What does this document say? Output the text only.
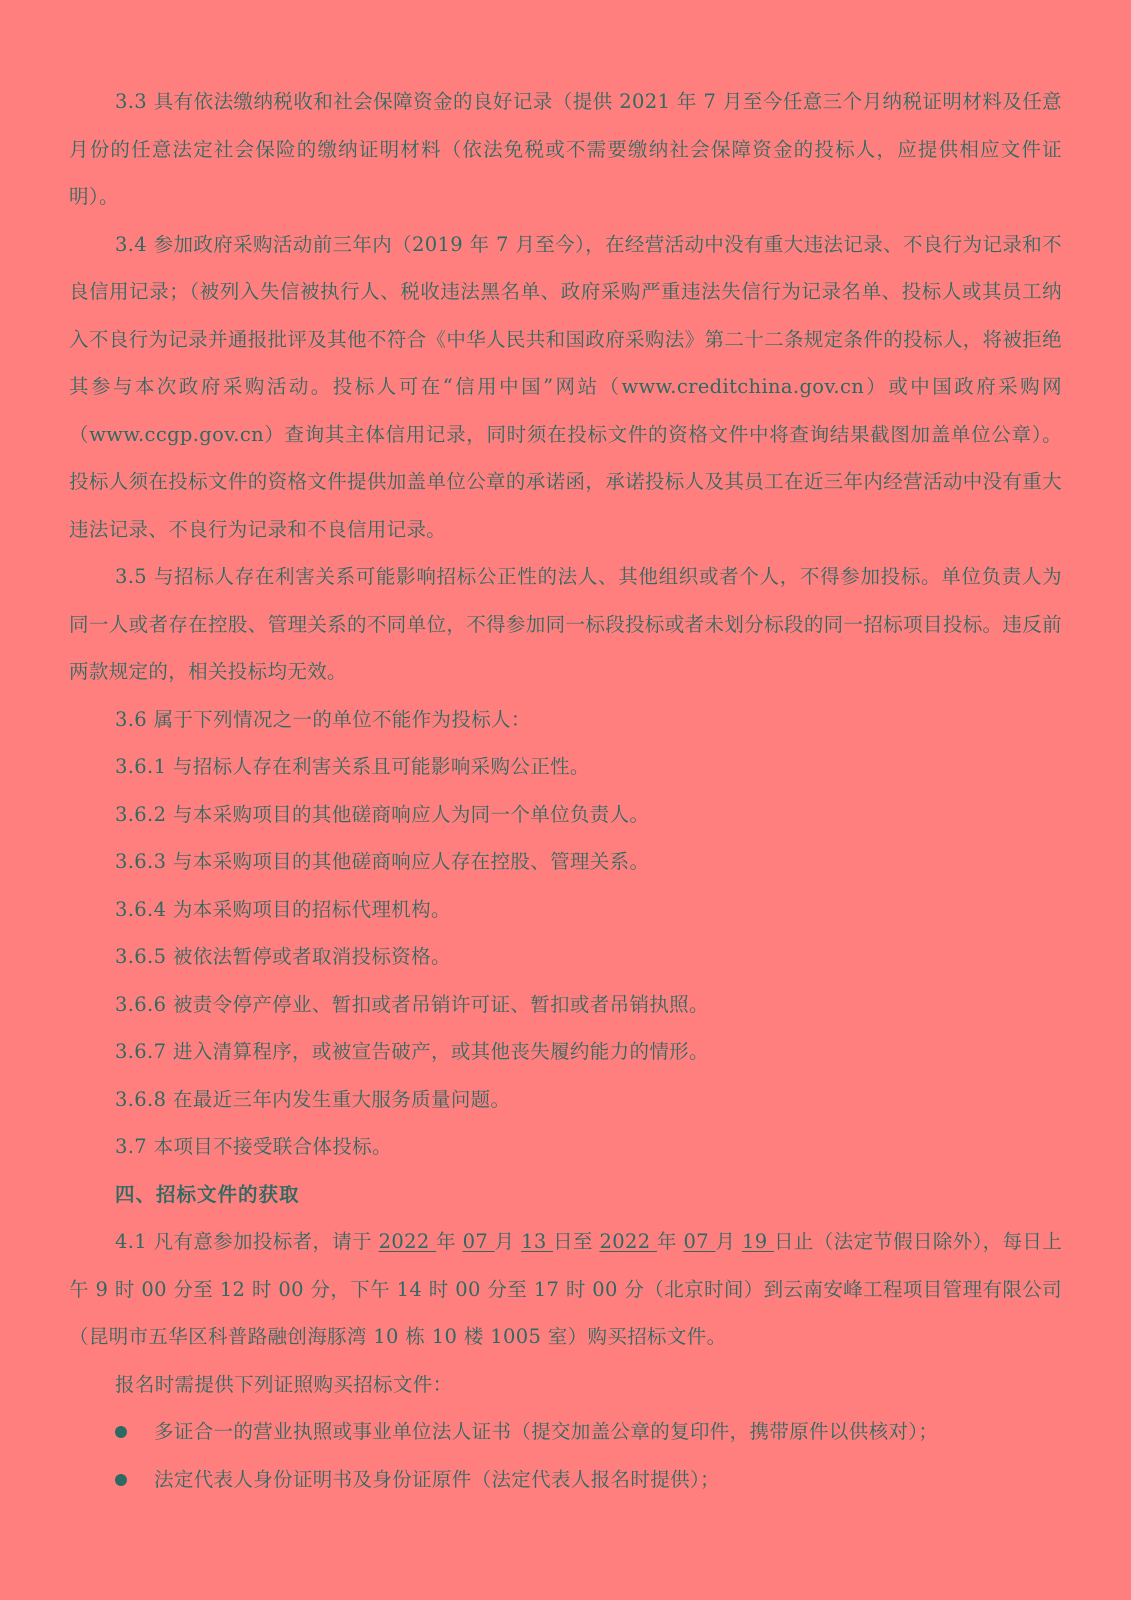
3.3 具有依法缴纳税收和社会保障资金的良好记录（提供 2021 年 7 月至今任意三个月纳税证明材料及任意月份的任意法定社会保险的缴纳证明材料（依法免税或不需要缴纳社会保障资金的投标人，应提供相应文件证明）。

3.4 参加政府采购活动前三年内（2019 年 7 月至今），在经营活动中没有重大违法记录、不良行为记录和不良信用记录；（被列入失信被执行人、税收违法黑名单、政府采购严重违法失信行为记录名单、投标人或其员工纳入不良行为记录并通报批评及其他不符合《中华人民共和国政府采购法》第二十二条规定条件的投标人，将被拒绝其参与本次政府采购活动。投标人可在“信用中国”网站（www.creditchina.gov.cn）或中国政府采购网（www.ccgp.gov.cn）查询其主体信用记录，同时须在投标文件的资格文件中将查询结果截图加盖单位公章）。投标人须在投标文件的资格文件提供加盖单位公章的承诺函，承诺投标人及其员工在近三年内经营活动中没有重大违法记录、不良行为记录和不良信用记录。

3.5 与招标人存在利害关系可能影响招标公正性的法人、其他组织或者个人，不得参加投标。单位负责人为同一人或者存在控股、管理关系的不同单位，不得参加同一标段投标或者未划分标段的同一招标项目投标。违反前两款规定的，相关投标均无效。

3.6 属于下列情况之一的单位不能作为投标人：

3.6.1 与招标人存在利害关系且可能影响采购公正性。

3.6.2 与本采购项目的其他磋商响应人为同一个单位负责人。

3.6.3 与本采购项目的其他磋商响应人存在控股、管理关系。

3.6.4 为本采购项目的招标代理机构。

3.6.5 被依法暂停或者取消投标资格。

3.6.6 被责令停产停业、暂扣或者吊销许可证、暂扣或者吊销执照。

3.6.7 进入清算程序，或被宣告破产，或其他丧失履约能力的情形。

3.6.8 在最近三年内发生重大服务质量问题。

3.7 本项目不接受联合体投标。

四、招标文件的获取

4.1 凡有意参加投标者，请于 2022 年 07 月 13 日至 2022 年 07 月 19 日止（法定节假日除外），每日上午 9 时 00 分至 12 时 00 分，下午 14 时 00 分至 17 时 00 分（北京时间）到云南安峰工程项目管理有限公司（昆明市五华区科普路融创海豚湾 10 栋 10 楼 1005 室）购买招标文件。

报名时需提供下列证照购买招标文件：

多证合一的营业执照或事业单位法人证书（提交加盖公章的复印件，携带原件以供核对）；

法定代表人身份证明书及身份证原件（法定代表人报名时提供）；
